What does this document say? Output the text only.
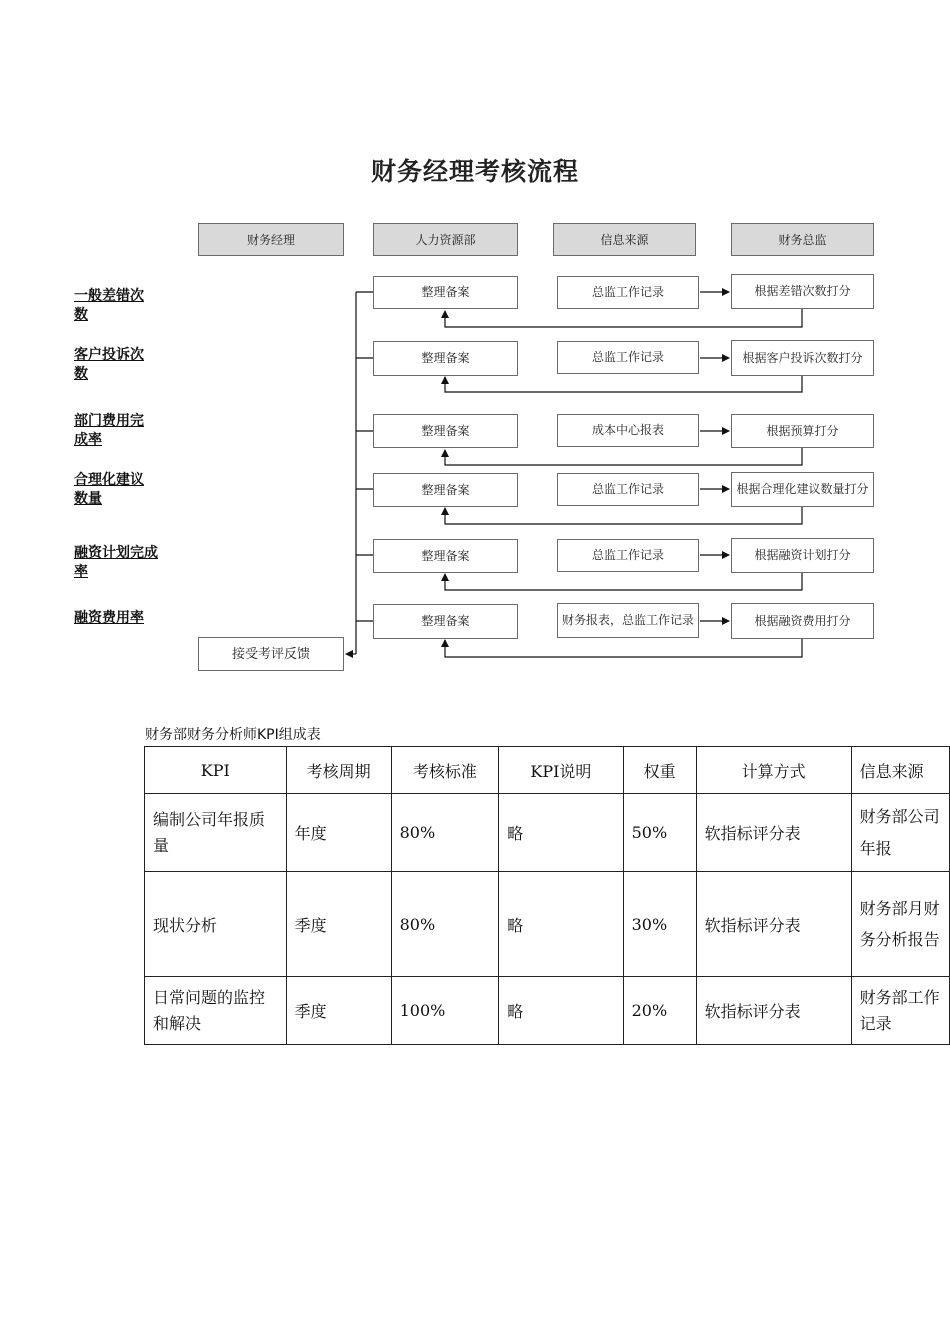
财务经理考核流程
财务经理	人力资源部	信息来源	财务总监
一般差错次数
客户投诉次数
部门费用完成率
合理化建议数量
融资计划完成率
融资费用率
整理备案	总监工作记录	根据差错次数打分
整理备案	总监工作记录	根据客户投诉次数打分
整理备案	成本中心报表	根据预算打分
整理备案	总监工作记录	根据合理化建议数量打分
整理备案	总监工作记录	根据融资计划打分
整理备案	财务报表，总监工作记录	根据融资费用打分
接受考评反馈
财务部财务分析师KPI组成表
KPI	考核周期	考核标准	KPI说明	权重	计算方式	信息来源
编制公司年报质量	年度	80%	略	50%	软指标评分表	财务部公司年报
现状分析	季度	80%	略	30%	软指标评分表	财务部月财务分析报告
日常问题的监控和解决	季度	100%	略	20%	软指标评分表	财务部工作记录
